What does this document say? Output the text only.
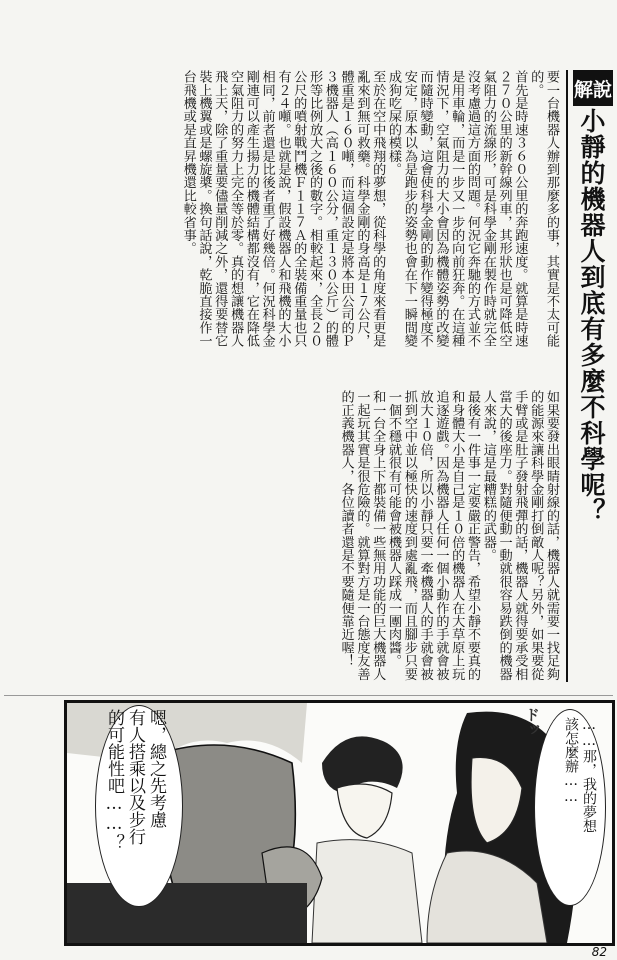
解說
小靜的機器人到底有多麼不科學呢？
要一台機器人辦到那麼多的事，其實是不太可能的。
首先是時速３６０公里的奔跑速度。就算是時速２７０公里的新幹線列車，其形狀也是可降低空氣阻力的流線形，可是科學金剛在製作時就完全沒考慮過這方面的問題。何況它奔馳的方式並不是用車輪，而是一步又一步的向前狂奔。在這種情況下，空氣阻力的大小會因為機體姿勢的改變而隨時變動，這會使科學金剛的動作變得極度不安定，原本以為是跑步的姿勢也會在下一瞬間變成狗吃屎的模樣。
至於在空中飛翔的夢想，從科學的角度來看更是亂來到無可救藥。科學金剛的身高是１７公尺，體重是１６０噸，而這個設定是將本田公司的Ｐ３機器人（高１６０公分，重１３０公斤）的體形等比例放大之後的數字。相較起來，全長２０公尺的噴射戰鬥機Ｆ１１７Ａ的全裝備重量也只有２４噸。也就是說，假設機器人和飛機的大小相同，前者還是比後者重了好幾倍。何況科學金剛連可以產生揚力的機體結構都沒有，它在降低空氣阻力的努力上完全等於零。真的想讓機器人飛上天，除了重量要儘量削減之外，還得要替它裝上機翼或是螺旋槳。換句話說，乾脆直接作一台飛機或是直昇機還比較省事。
如果要發出眼睛射線的話，機器人就需要一找足夠的能源來讓科學金剛打倒敵人呢？另外，如果要從手臂或是肚子發射飛彈的話，機器人就得要承受相當大的後座力。對隨便動一動就很容易跌倒的機器人來說，這是最糟糕的武器。
最後有一件事一定要嚴正警告，希望小靜不要真的和身體大小是自己是１０倍的機器人在大草原上玩追逐遊戲。因為機器人任何一個小動作的手就會被放大１０倍，所以小靜只要一牽機器人的手就會被抓到空中並以極快的速度到處亂飛，而且腳步只要一個不穩就很有可能會被機器人踩成一團肉醬。
和一台全身上下都裝備一些無用功能的巨大機器人一起玩其實是很危險的。就算對方是一台態度友善的正義機器人，各位讀者還是不要隨便靠近喔！
……那，我的夢想
該怎麼辦……
嗯，總之先考慮
有人搭乘以及步行
的可能性吧……？	ドッ
82
